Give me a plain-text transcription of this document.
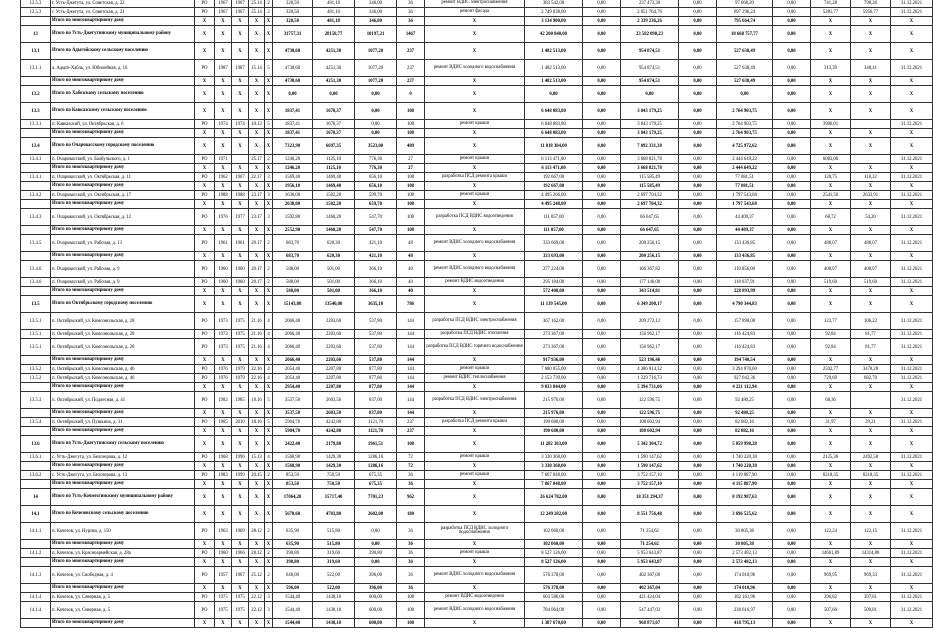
12.5.3	г. Усть-Джегута, ул. Советская, д. 22	РО	1967	1967	25.14	2	320,50	481,10	346,00	36	ремонт ВДИС электроснабжения	383 542,00	0,00	237 473,30	0,00	97 668,20	0,00	741,28	798,26	31.12.2021
12.5.3	г. Усть-Джегута, ул. Советская, д. 21	РО	1967	1967	25.14	2	320,50	481,10	346,00	36	ремонт фасада	2 749 038,00	0,00	2 051 764,76	0,00	697 296,24	0,00	5281,77	5956,77	31.12.2021
	Итого по многоквартирному дому	X	X	X	X	X	320,50	481,10	346,00	36	X	3 134 900,00	0,00	2 339 236,26	0,00	795 664,74	0,00	X	X	X
13	Итого по Усть-Джегутинскому муниципальному району	X	X	X	X	X	31757,31	28158,77	10197,21	1467	X	42 200 840,00	0,00	23 582 090,23	0,00	18 668 757,77	0,00	X	X	X
13.1	Итого по Адыгейскому сельскому поселению	X	X	X	X	X	4730,60	4251,30	1077,20	237	X	1 482 513,00	0,00	954 874,51	0,00	527 638,49	0,00	X	X	X
13.1.1	а. Адыге-Хабль, ул. Юбилейная, д. 16	РО	1987	1987	15.14	5	4730,60	4251,30	1077,20	237	ремонт ВДИС холодного водоснабжения	1 482 513,00	0,00	954 874,51	0,00	527 638,49	0,00	313,39	348,41	31.12.2021
	Итого по многоквартирному дому	X	X	X	X	X	4730,60	4251,30	1077,20	237	X	1 482 513,00	0,00	954 874,51	0,00	527 638,49	0,00	X	X	X
13.2	Итого по Хабезскому сельскому поселению	X	X	X	X	X	0,00	0,00	0,00	0	X	0,00	0,00	0,00	0,00	0,00	0,00	X	X	X
13.3	Итого по Кавказскому сельскому поселению	X	X	X	X	X	1837,41	1670,37	0,00	108	X	6 648 083,80	0,00	3 843 179,25	0,00	2 764 903,75	0,00	X	X	X
13.3.1	п. Кавказский, ул. Октябрьская, д. 6	РО	1974	1974	10.13	5	1837,41	1670,37	0,00	108	ремонт крыши	6 648 083,80	0,00	3 843 179,25	0,00	2 764 903,75	0,00	3906,01		31.12.2021
	Итого по многоквартирному дому	X	X	X	X	X	1837,41	1670,37	0,00	108	X	6 648 083,00	0,00	3 843 179,25	0,00	2 764 903,75	0,00	X	X	X
13.4	Итого по Очаровасскому городскому поселению	X	X	X	X	X	7323,90	6697,35	3523,00	489	X	11 818 304,00	0,00	7 092 331,38	0,00	4 725 972,62	0,00	X	X	X
13.4.1	п. Очаровасский, ул. Бахбульского, д. 1	РО	1971		25.17	2	1246,20	1125,10	776,30	27	ремонт крыши	6 113 471,00	0,00	3 668 821,78	0,00	2 444 649,22	0,00	6083,06		31.12.2021
	Итого по многоквартирному дому	X	X	X	X	X	1246,20	1125,10	776,30	27	X	6 113 471,00	0,00	3 668 821,78	0,00	2 444 649,22	0,00	X	X	X
13.4.1	п. Очаровасский, ул. Октябрьская, д. 11	РО	1962	1967	22.17	3	1569,40	1469,40	656,10	108	разработка ПСД ремонта крыши	192 667,00	0,00	115 585,49	0,00	77 081,51	0,00	120,75	118,32	31.12.2021
	Итого по многоквартирному дому	X	X	X	X	X	1956,10	1469,40	656,10	108	X	192 667,00	0,00	115 585,49	0,00	77 081,51	0,00	X	X	X
13.4.2	п. Очаровасский, ул. Октябрьская, д. 17	РО	1988	1988	23.17	3	1636,00	1502,20	599,70	108	ремонт крыши	4 495 266,00	0,00	2 697 704,32	0,00	1 797 543,68	0,00	2541,56	2633,91	31.12.2021
	Итого по многоквартирному дому	X	X	X	X	X	2638,00	1502,20	659,70	108	X	4 495 248,00	0,00	2 697 704,32	0,00	1 797 543,68	0,00	X	X	X
13.4.3	п. Очаровасский, ул. Октябрьская, д. 12	РО	1976	1977	23.17	3	1592,80	1460,20	547,70	108	разработка ПСД ВДИС водоотведения	111 057,00	0,00	66 647,65	0,00	44 409,37	0,00	68,72	54,20	31.12.2021
	Итого по многоквартирному дому	X	X	X	X	X	2552,90	1460,20	547,70	108	X	111 057,00	0,00	66 647,65	0,00	44 409,37	0,00	X	X	X
13.4.5	п. Очаровасский, ул. Рабочая, д. 13	РО	1961	1961	20.17	2	683,70	620,30	421,10	48	ремонт ВДИС холодного водоснабжения	333 669,00	0,00	200 256,15	0,00	133 436,85	0,00	488,07	488,07	31.12.2021
	Итого по многоквартирному дому	X	X	X	X	X	683,70	620,30	421,10	48	X	333 693,00	0,00	200 256,15	0,00	133 436,85	0,00	X	X	X
13.4.6	п. Очаровасский, ул. Рабочая, д. 9	РО	1960	1960	20.17	2	588,00	501,00	366,10	40	ремонт ВДИС холодного водоснабжения	277 224,00	0,00	166 367,82	0,00	110 856,00	0,00	408,07	408,07	31.12.2021
13.4.6	п. Очаровасский, ул. Рабочая, д. 9	РО	1960	1960	20.17	2	588,00	501,00	366,10	40	ремонт ВДИС водоотведения	295 184,00	0,00	177 146,00	0,00	118 037,91	0,00	519,60	519,60	31.12.2021
	Итого по многоквартирному дому	X	X	X	X	X	588,00	501,00	366,10	40	X	572 408,00	0,00	343 514,81	0,00	228 893,99	0,00	X	X	X
13.5	Итого по Октябрьскому городскому поселению	X	X	X	X	X	15143,00	13540,00	3635,10	786	X	11 139 545,00	0,00	6 349 200,17	0,00	4 790 344,83	0,00	X	X	X
13.5.1	п. Октябрьский, ул. Комсомольская, д. 28	РО	1973	1975	21.16	4	2066,40	2203,60	537,80	144	разработка ПСД ВДИС электроснабжения	367 162,00	0,00	209 272,12	0,00	157 890,00	0,00	123,77	106,22	31.12.2021
13.5.1	п. Октябрьский, ул. Комсомольская, д. 28	РО	1973	1975	21.16	4	2066,40	2203,60	537,80	144	разработка ПСД ВДИС отопления	273 367,00	0,00	156 962,17	0,00	116 424,83	0,00	92,84	81,77	31.12.2021
13.5.1	п. Октябрьский, ул. Комсомольская, д. 28	РО	1973	1975	21.16	4	2066,40	2203,60	537,80	144	разработка ПСД ВДИС горячего водоснабжения	273 367,00	0,00	156 962,17	0,00	116 424,83	0,00	92,84	81,77	31.12.2021
	Итого по многоквартирному дому	X	X	X	X	X	2066,40	2203,60	537,80	144	X	917 936,00	0,00	523 196,46	0,00	394 740,54	0,00	X	X	X
13.5.2	п. Октябрьский, ул. Комсомольская, д. 46	РО	1976	1979	22.16	4	2054,40	2207,80	877,80	144	ремонт крыши	7 680 055,00	0,00	4 386 014,32	0,00	3 294 070,60	0,00	2592,77	3470,28	31.12.2021
13.5.2	п. Октябрьский, ул. Комсомольская, д. 46	РО	1976	1979	22.16	4	2054,40	2207,80	877,80	144	ремонт ВДИС теплоснабжения	2 153 739,00	0,00	1 229 716,73	0,00	927 042,36	0,00	729,69	682,70	31.12.2021
	Итого по многоквартирному дому	X	X	X	X	X	2954,40	2207,80	877,80	144	X	9 833 844,00	0,00	5 394 731,06	0,00	4 221 112,94	0,00	X	X	X
13.5.3	п. Октябрьский, ул. Подлесная, д. 41	РО	1982	1985	18.16	5	3537,50	2603,50	837,00	144	разработка ПСД ВДИС электроснабжения	215 976,00	0,00	122 596,75	0,00	92 480,25	0,00	68,36		31.12.2021
	Итого по многоквартирному дому	X	X	X	X	X	3537,50	2603,50	837,00	144	X	215 976,00	0,00	122 596,75	0,00	92 480,25	0,00	X	X	X
13.5.4	п. Октябрьский, ул. Пушкина, д. 31	РО	1985	2010	18.16	5	5904,70	4242,80	1121,70	237	разработка ПСД ремонта крыши	190 680,00	0,00	108 602,94	0,00	82 082,16	0,00	31,97	29,21	31.12.2021
	Итого по многоквартирному дому	X	X	X	X	X	5904,70	4242,80	1121,70	237	X	190 680,00	0,00	108 602,94	0,00	82 082,16	0,00	X	X	X
13.6	Итого по Усть-Джегутинскому сельскому поселению	X	X	X	X	X	2422,40	2179,80	1961,51	108	X	11 282 303,00	0,00	5 342 304,72	0,00	5 059 998,28	0,00	X	X	X
13.6.1	с. Усть-Джегута, ул. Белозерова, д. 12	РО	1968	1996	15.13	4	1568,90	1429,30	1286,16	72	ремонт крыши	3 330 368,00	0,00	1 590 147,62	0,00	1 740 220,38	0,00	2125,36	2492,58	31.12.2021
	Итого по многоквартирному дому	X	X	X	X	X	1568,90	1429,30	1286,16	72	X	3 330 368,00	0,00	1 590 147,62	0,00	1 740 220,38	0,00	X	X	X
13.6.2	с. Усть-Джегута, ул. Белозерова, д. 13	РО	1983	1999	20.15	2	853,50	750,50	675,35	36	ремонт крыши	7 667 048,00	0,00	3 752 157,10	0,00	4 119 887,90	0,00	8218,35	8218,35	31.12.2021
	Итого по многоквартирному дому	X	X	X	X	X	853,50	750,50	675,35	36	X	7 867 048,00	0,00	3 752 157,10	0,00	4 115 887,90	0,00	X	X	X
14	Итого по Усть-Кочмезгинскому муниципальному району	X	X	X	X	X	17064,20	15717,40	7701,23	962	X	26 624 782,00	0,00	18 351 294,37	0,00	8 192 987,63	0,00	X	X	X
14.1	Итого по Кочезовскому сельскому поселению	X	X	X	X	X	5670,60	4703,80	2602,00	180	X	12 249 282,00	0,00	8 551 756,48	0,00	3 696 525,62	0,00	X	X	X
14.1.1	п. Кочезов, ул. Нурова, д. 150	РО	1963	1969	28.12	2	635,90	515,80	0,00	36	разработка ПСД ВДИС холодного водоснабжения	102 060,00	0,00	71 254,62	0,00	30 805,38	0,00	122,24	122,15	31.12.2021
	Итого по многоквартирному дому	X	X	X	X	X	635,90	515,80	0,00	36	X	102 060,00	0,00	71 254,62	0,00	30 805,38	0,00	X	X	X
14.1.2	п. Кочезов, ул. Красноармейская, д. 28а	РО	1960	1966	28.12	2	390,80	319,60	390,80	36	ремонт крыши	8 527 126,00	0,00	5 953 643,87	0,00	2 573 482,13	0,00	14661,89	14314,88	31.12.2021
	Итого по многоквартирному дому	X	X	X	X	X	390,80	319,60	0,00	36	X	8 527 126,00	0,00	5 953 643,87	0,00	2 573 482,13	0,00	X	X	X
14.1.3	п. Кочезов, ул. Свободная, д. 4	РО	1957	1967	25.12	2	646,00	522,00	396,00	36	ремонт ВДИС холодного водоснабжения	576 378,00	0,00	402 367,00	0,00	174 010,96	0,00	969,95	969,33	31.12.2021
	Итого по многоквартирному дому	X	X	X	X	X	596,00	522,00	396,00	36	X	576 378,00	0,00	402 367,04	0,00	174 010,96	0,00	X	X	X
14.1.4	п. Кочезов, ул. Северная, д. 5	РО	1975	1975	22.12	3	1544,40	1438,10	600,00	108	ремонт ВДИС водоотведения	603 586,00	0,00	421 424,04	0,00	182 161,96	0,00	396,82	397,61	31.12.2021
14.1.4	п. Кочезов, ул. Северная, д. 5	РО	1975	1975	22.12	3	1544,40	1438,10	600,00	108	ремонт ВДИС холодного водоснабжения	784 064,00	0,00	547 447,03	0,00	236 616,97	0,00	507,66	509,81	31.12.2021
	Итого по многоквартирному дому	X	X	X	X	X	1544,40	1438,10	600,00	108	X	1 387 670,00	0,00	968 871,07	0,00	418 795,13	0,00	X	X	X
